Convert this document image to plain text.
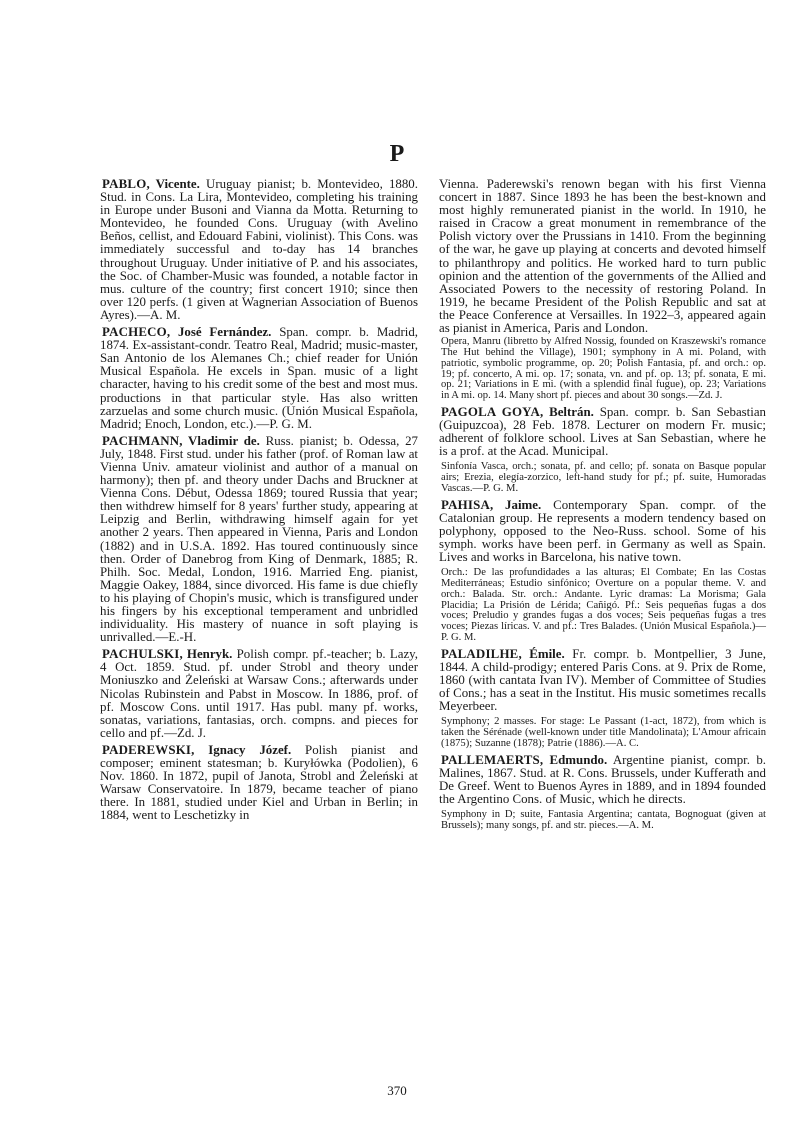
P
PABLO, Vicente. Uruguay pianist; b. Montevideo, 1880. Stud. in Cons. La Lira, Montevideo, completing his training in Europe under Busoni and Vianna da Motta. Returning to Montevideo, he founded Cons. Uruguay (with Avelino Beños, cellist, and Edouard Fabini, violinist). This Cons. was immediately successful and to-day has 14 branches throughout Uruguay. Under initiative of P. and his associates, the Soc. of Chamber-Music was founded, a notable factor in mus. culture of the country; first concert 1910; since then over 120 perfs. (1 given at Wagnerian Association of Buenos Ayres).—A. M.
PACHECO, José Fernández. Span. compr. b. Madrid, 1874. Ex-assistant-condr. Teatro Real, Madrid; music-master, San Antonio de los Alemanes Ch.; chief reader for Unión Musical Española. He excels in Span. music of a light character, having to his credit some of the best and most mus. productions in that particular style. Has also written zarzuelas and some church music. (Unión Musical Española, Madrid; Enoch, London, etc.).—P. G. M.
PACHMANN, Vladimir de. Russ. pianist; b. Odessa, 27 July, 1848. First stud. under his father (prof. of Roman law at Vienna Univ. amateur violinist and author of a manual on harmony); then pf. and theory under Dachs and Bruckner at Vienna Cons. Début, Odessa 1869; toured Russia that year; then withdrew himself for 8 years' further study, appearing at Leipzig and Berlin, withdrawing himself again for yet another 2 years. Then appeared in Vienna, Paris and London (1882) and in U.S.A. 1892. Has toured continuously since then. Order of Danebrog from King of Denmark, 1885; R. Philh. Soc. Medal, London, 1916. Married Eng. pianist, Maggie Oakey, 1884, since divorced. His fame is due chiefly to his playing of Chopin's music, which is transfigured under his fingers by his exceptional temperament and unbridled individuality. His mastery of nuance in soft playing is unrivalled.—E.-H.
PACHULSKI, Henryk. Polish compr. pf.-teacher; b. Lazy, 4 Oct. 1859. Stud. pf. under Strobl and theory under Moniuszko and Żeleński at Warsaw Cons.; afterwards under Nicolas Rubinstein and Pabst in Moscow. In 1886, prof. of pf. Moscow Cons. until 1917. Has publ. many pf. works, sonatas, variations, fantasias, orch. compns. and pieces for cello and pf.—Zd. J.
PADEREWSKI, Ignacy Józef. Polish pianist and composer; eminent statesman; b. Kuryłówka (Podolien), 6 Nov. 1860. In 1872, pupil of Janota, Strobl and Żeleński at Warsaw Conservatoire. In 1879, became teacher of piano there. In 1881, studied under Kiel and Urban in Berlin; in 1884, went to Leschetizky in
Vienna. Paderewski's renown began with his first Vienna concert in 1887. Since 1893 he has been the best-known and most highly remunerated pianist in the world. In 1910, he raised in Cracow a great monument in remembrance of the Polish victory over the Prussians in 1410. From the beginning of the war, he gave up playing at concerts and devoted himself to philanthropy and politics. He worked hard to turn public opinion and the attention of the governments of the Allied and Associated Powers to the necessity of restoring Poland. In 1919, he became President of the Polish Republic and sat at the Peace Conference at Versailles. In 1922–3, appeared again as pianist in America, Paris and London.
Opera, Manru (libretto by Alfred Nossig, founded on Kraszewski's romance The Hut behind the Village), 1901; symphony in A mi. Poland, with patriotic, symbolic programme, op. 20; Polish Fantasia, pf. and orch.: op. 19; pf. concerto, A mi. op. 17; sonata, vn. and pf. op. 13; pf. sonata, E mi. op. 21; Variations in E mi. (with a splendid final fugue), op. 23; Variations in A mi. op. 14. Many short pf. pieces and about 30 songs.—Zd. J.
PAGOLA GOYA, Beltrán. Span. compr. b. San Sebastian (Guipuzcoa), 28 Feb. 1878. Lecturer on modern Fr. music; adherent of folklore school. Lives at San Sebastian, where he is a prof. at the Acad. Municipal.
Sinfonía Vasca, orch.; sonata, pf. and cello; pf. sonata on Basque popular airs; Erezia, elegía-zorzico, left-hand study for pf.; pf. suite, Humoradas Vascas.—P. G. M.
PAHISA, Jaime. Contemporary Span. compr. of the Catalonian group. He represents a modern tendency based on polyphony, opposed to the Neo-Russ. school. Some of his symph. works have been perf. in Germany as well as Spain. Lives and works in Barcelona, his native town.
Orch.: De las profundidades a las alturas; El Combate; En las Costas Mediterráneas; Estudio sinfónico; Overture on a popular theme. V. and orch.: Balada. Str. orch.: Andante. Lyric dramas: La Morisma; Gala Placidia; La Prisión de Lérida; Cañigó. Pf.: Seis pequeñas fugas a dos voces; Preludio y grandes fugas a dos voces; Seis pequeñas fugas a tres voces; Piezas líricas. V. and pf.: Tres Balades. (Unión Musical Española.)—P. G. M.
PALADILHE, Émile. Fr. compr. b. Montpellier, 3 June, 1844. A child-prodigy; entered Paris Cons. at 9. Prix de Rome, 1860 (with cantata Ivan IV). Member of Committee of Studies of Cons.; has a seat in the Institut. His music sometimes recalls Meyerbeer.
Symphony; 2 masses. For stage: Le Passant (1-act, 1872), from which is taken the Sérénade (well-known under title Mandolinata); L'Amour africain (1875); Suzanne (1878); Patrie (1886).—A. C.
PALLEMAERTS, Edmundo. Argentine pianist, compr. b. Malines, 1867. Stud. at R. Cons. Brussels, under Kufferath and De Greef. Went to Buenos Ayres in 1889, and in 1894 founded the Argentino Cons. of Music, which he directs.
Symphony in D; suite, Fantasia Argentina; cantata, Bognoguat (given at Brussels); many songs, pf. and str. pieces.—A. M.
370
